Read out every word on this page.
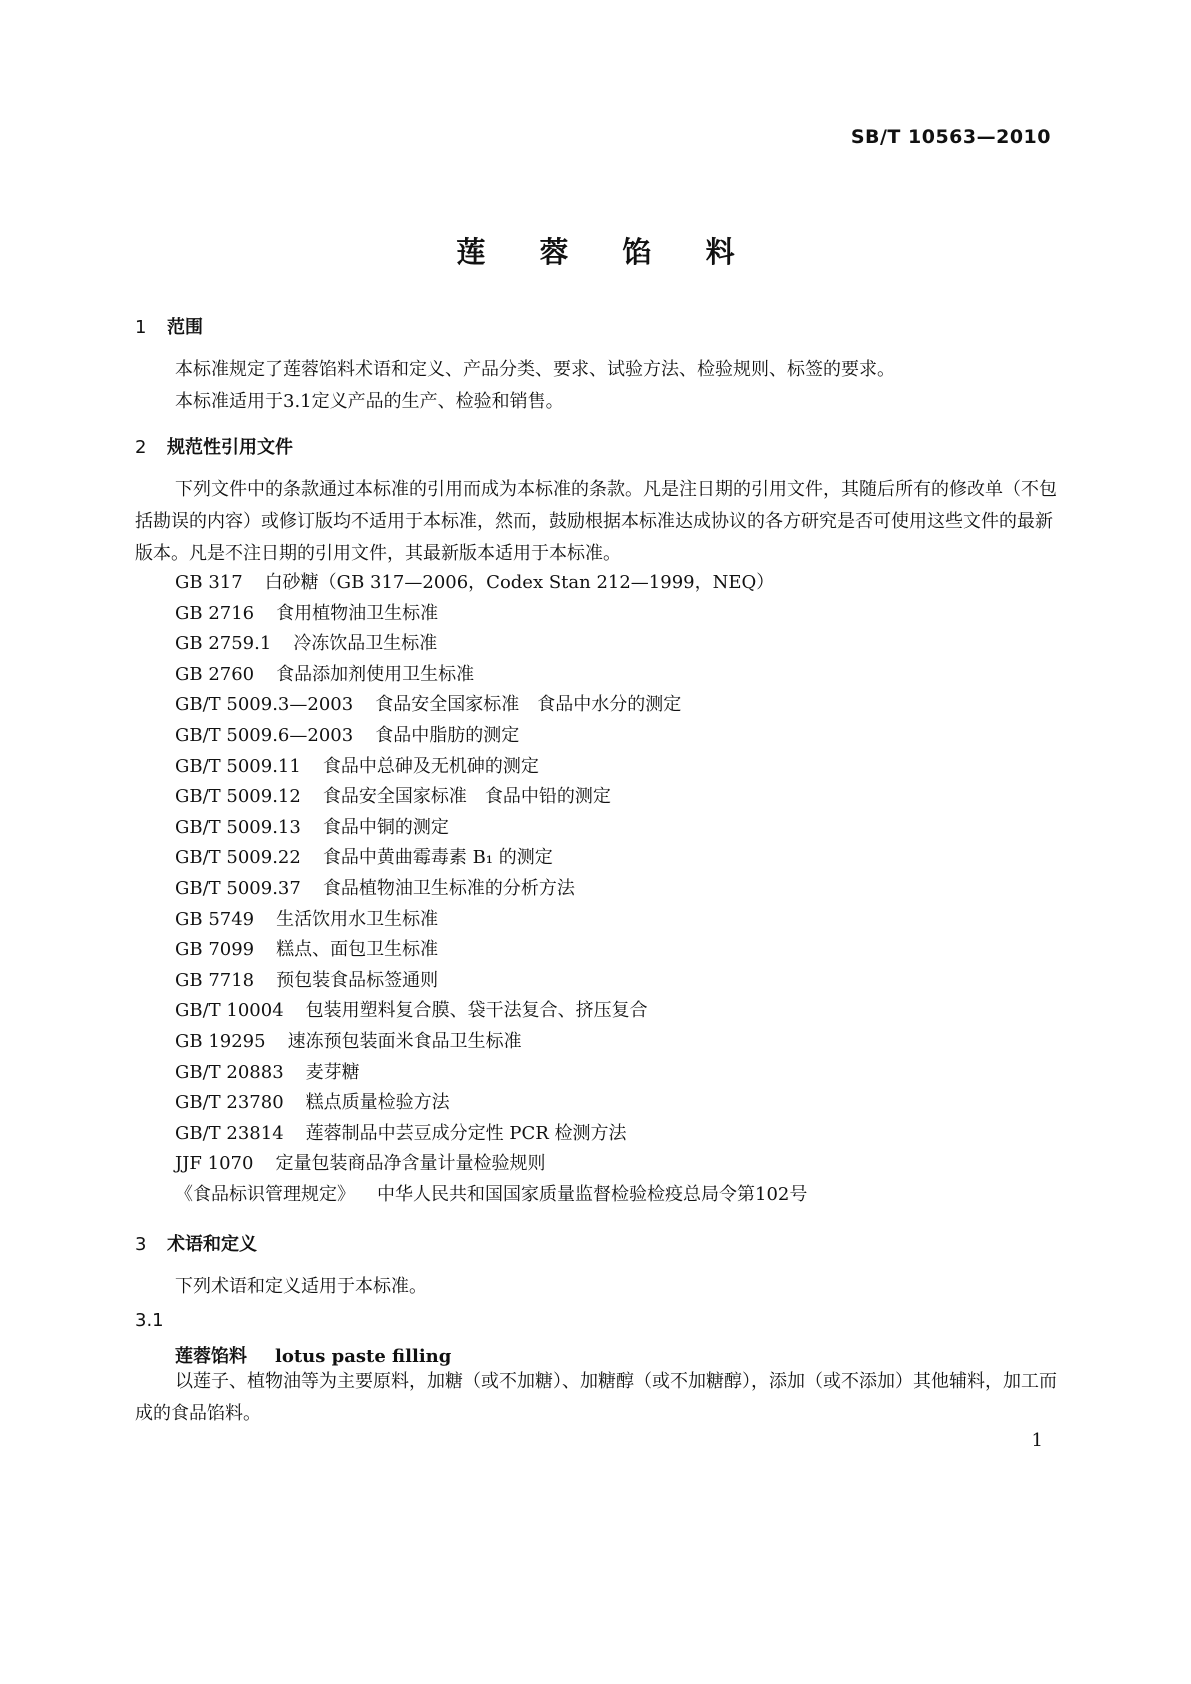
SB/T 10563—2010
莲 蓉 馅 料
1 范围
本标准规定了莲蓉馅料术语和定义、产品分类、要求、试验方法、检验规则、标签的要求。
本标准适用于3.1定义产品的生产、检验和销售。
2 规范性引用文件
下列文件中的条款通过本标准的引用而成为本标准的条款。凡是注日期的引用文件，其随后所有的修改单（不包括勘误的内容）或修订版均不适用于本标准，然而，鼓励根据本标准达成协议的各方研究是否可使用这些文件的最新版本。凡是不注日期的引用文件，其最新版本适用于本标准。
GB 317 白砂糖（GB 317—2006，Codex Stan 212—1999，NEQ）
GB 2716 食用植物油卫生标准
GB 2759.1 冷冻饮品卫生标准
GB 2760 食品添加剂使用卫生标准
GB/T 5009.3—2003 食品安全国家标准　食品中水分的测定
GB/T 5009.6—2003 食品中脂肪的测定
GB/T 5009.11 食品中总砷及无机砷的测定
GB/T 5009.12 食品安全国家标准　食品中铅的测定
GB/T 5009.13 食品中铜的测定
GB/T 5009.22 食品中黄曲霉毒素 B₁ 的测定
GB/T 5009.37 食品植物油卫生标准的分析方法
GB 5749 生活饮用水卫生标准
GB 7099 糕点、面包卫生标准
GB 7718 预包装食品标签通则
GB/T 10004 包装用塑料复合膜、袋干法复合、挤压复合
GB 19295 速冻预包装面米食品卫生标准
GB/T 20883 麦芽糖
GB/T 23780 糕点质量检验方法
GB/T 23814 莲蓉制品中芸豆成分定性 PCR 检测方法
JJF 1070 定量包装商品净含量计量检验规则
《食品标识管理规定》 中华人民共和国国家质量监督检验检疫总局令第102号
3 术语和定义
下列术语和定义适用于本标准。
3.1
莲蓉馅料 lotus paste filling
以莲子、植物油等为主要原料，加糖（或不加糖）、加糖醇（或不加糖醇），添加（或不添加）其他辅料，加工而成的食品馅料。
1
